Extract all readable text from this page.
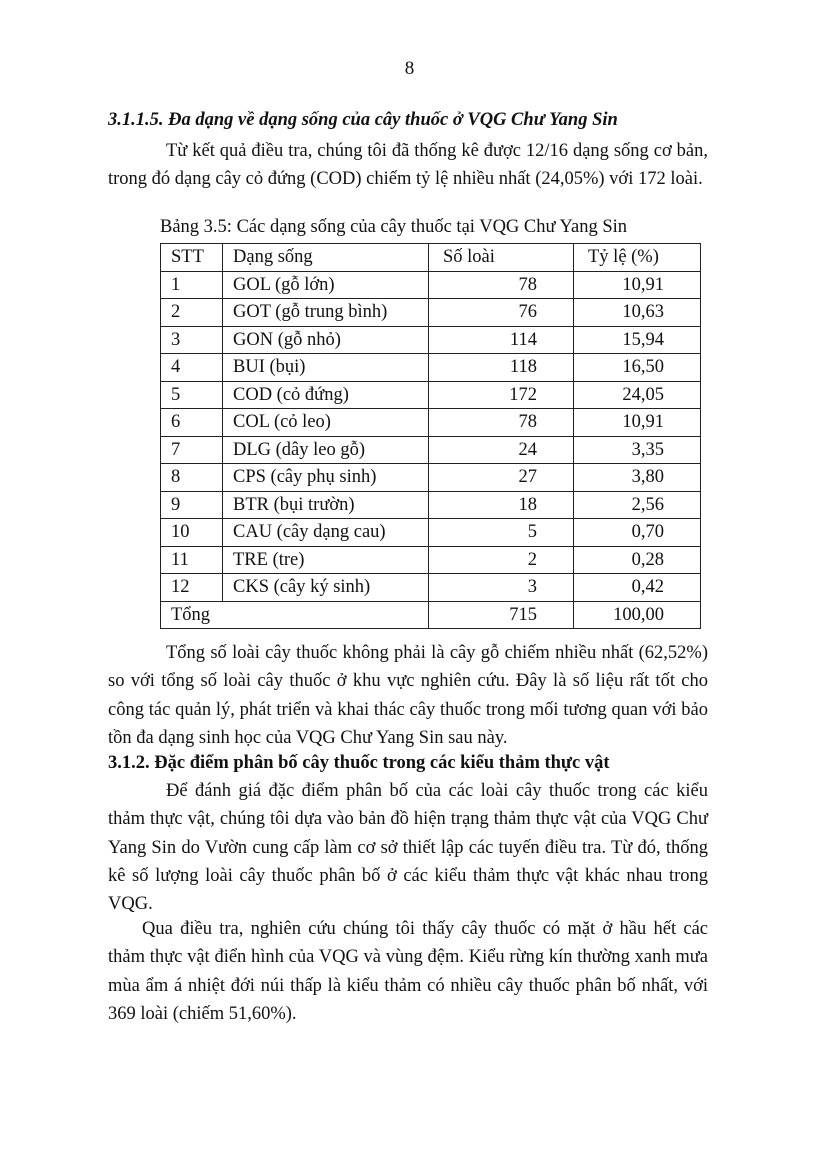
8
3.1.1.5. Đa dạng về dạng sống của cây thuốc ở VQG Chư Yang Sin

Từ kết quả điều tra, chúng tôi đã thống kê được 12/16 dạng sống cơ bản, trong đó dạng cây cỏ đứng (COD) chiếm tỷ lệ nhiều nhất (24,05%) với 172 loài.

Bảng 3.5: Các dạng sống của cây thuốc tại VQG Chư Yang Sin
STT	Dạng sống	Số loài	Tỷ lệ (%)
1	GOL (gỗ lớn)	78	10,91
2	GOT (gỗ trung bình)	76	10,63
3	GON (gỗ nhỏ)	114	15,94
4	BUI (bụi)	118	16,50
5	COD (cỏ đứng)	172	24,05
6	COL (cỏ leo)	78	10,91
7	DLG (dây leo gỗ)	24	3,35
8	CPS (cây phụ sinh)	27	3,80
9	BTR (bụi trườn)	18	2,56
10	CAU (cây dạng cau)	5	0,70
11	TRE (tre)	2	0,28
12	CKS (cây ký sinh)	3	0,42
Tổng		715	100,00

Tổng số loài cây thuốc không phải là cây gỗ chiếm nhiều nhất (62,52%) so với tổng số loài cây thuốc ở khu vực nghiên cứu. Đây là số liệu rất tốt cho công tác quản lý, phát triển và khai thác cây thuốc trong mối tương quan với bảo tồn đa dạng sinh học của VQG Chư Yang Sin sau này.

3.1.2. Đặc điểm phân bố cây thuốc trong các kiểu thảm thực vật

Để đánh giá đặc điểm phân bố của các loài cây thuốc trong các kiểu thảm thực vật, chúng tôi dựa vào bản đồ hiện trạng thảm thực vật của VQG Chư Yang Sin do Vườn cung cấp làm cơ sở thiết lập các tuyến điều tra. Từ đó, thống kê số lượng loài cây thuốc phân bố ở các kiểu thảm thực vật khác nhau trong VQG.

Qua điều tra, nghiên cứu chúng tôi thấy cây thuốc có mặt ở hầu hết các thảm thực vật điển hình của VQG và vùng đệm. Kiểu rừng kín thường xanh mưa mùa ẩm á nhiệt đới núi thấp là kiểu thảm có nhiều cây thuốc phân bố nhất, với 369 loài (chiếm 51,60%).
